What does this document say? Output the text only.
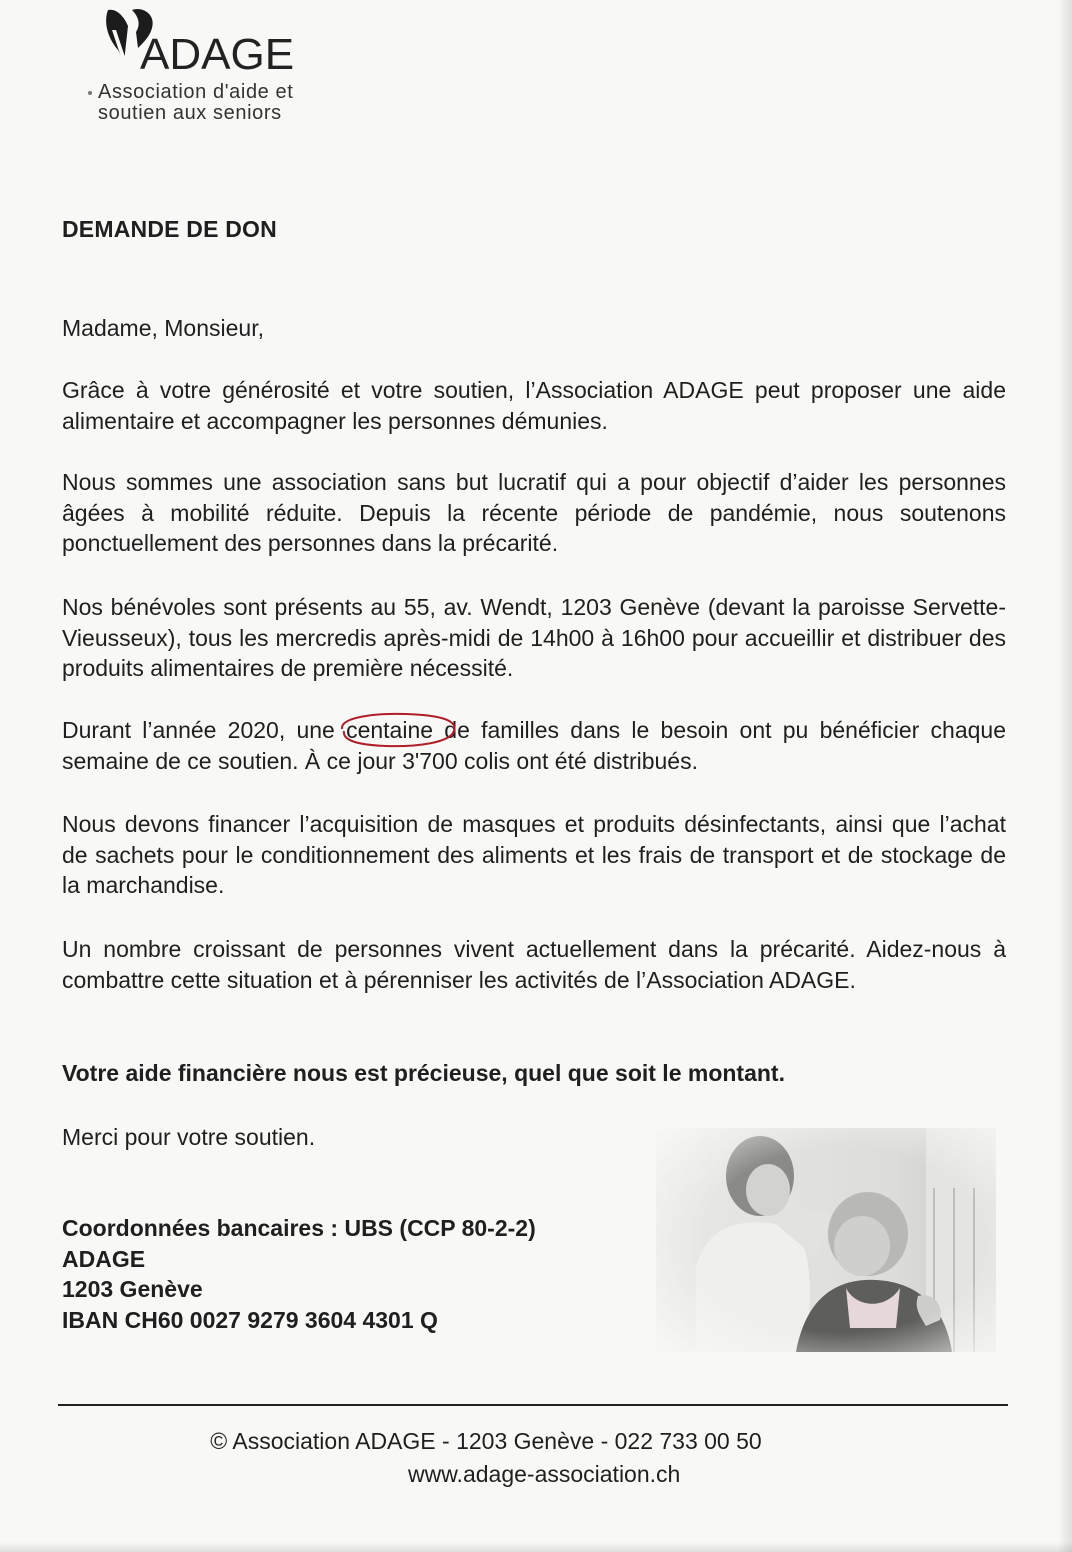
ADAGE
Association d'aide et
soutien aux seniors
DEMANDE DE DON
Madame, Monsieur,
Grâce à votre générosité et votre soutien, l’Association ADAGE peut proposer une aide alimentaire et accompagner les personnes démunies.
Nous sommes une association sans but lucratif qui a pour objectif d’aider les personnes âgées à mobilité réduite. Depuis la récente période de pandémie, nous soutenons ponctuellement des personnes dans la précarité.
Nos bénévoles sont présents au 55, av. Wendt, 1203 Genève (devant la paroisse Servette-Vieusseux), tous les mercredis après-midi de 14h00 à 16h00 pour accueillir et distribuer des produits alimentaires de première nécessité.
Durant l’année 2020, une centaine
de familles dans le besoin ont pu bénéficier chaque semaine de ce soutien. À ce jour 3'700 colis ont été distribués.
Nous devons financer l’acquisition de masques et produits désinfectants, ainsi que l’achat de sachets pour le conditionnement des aliments et les frais de transport et de stockage de la marchandise.
Un nombre croissant de personnes vivent actuellement dans la précarité. Aidez-nous à combattre cette situation et à pérenniser les activités de l’Association ADAGE.
Votre aide financière nous est précieuse, quel que soit le montant.
Merci pour votre soutien.
Coordonnées bancaires : UBS (CCP 80-2-2)
ADAGE
1203 Genève
IBAN CH60 0027 9279 3604 4301 Q
© Association ADAGE - 1203 Genève - 022 733 00 50
www.adage-association.ch
